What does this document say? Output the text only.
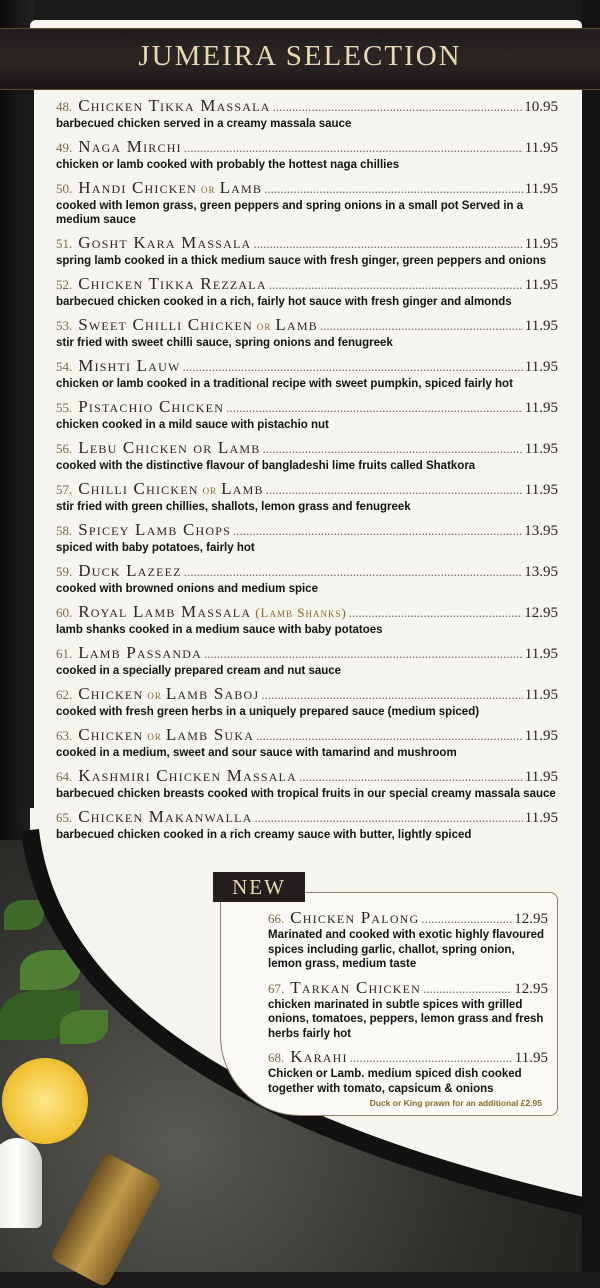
JUMEIRA SELECTION
48. Chicken Tikka Massala .....	10.95
barbecued chicken served in a creamy massala sauce
49. Naga Mirchi .....	11.95
chicken or lamb cooked with probably the hottest naga chillies
50. Handi Chicken or Lamb .....	11.95
cooked with lemon grass, green peppers and spring onions in a small pot Served in a medium sauce
51. Gosht Kara Massala .....	11.95
spring lamb cooked in a thick medium sauce with fresh ginger, green peppers and onions
52. Chicken Tikka Rezzala .....	11.95
barbecued chicken cooked in a rich, fairly hot sauce with fresh ginger and almonds
53. Sweet Chilli Chicken or Lamb .....	11.95
stir fried with sweet chilli sauce, spring onions and fenugreek
54. Mishti Lauw .....	11.95
chicken or lamb cooked in a traditional recipe with sweet pumpkin, spiced fairly hot
55. Pistachio Chicken .....	11.95
chicken cooked in a mild sauce with pistachio nut
56. Lebu Chicken or Lamb .....	11.95
cooked with the distinctive flavour of bangladeshi lime fruits called Shatkora
57. Chilli Chicken or Lamb .....	11.95
stir fried with green chillies, shallots, lemon grass and fenugreek
58. Spicey Lamb Chops .....	13.95
spiced with baby potatoes, fairly hot
59. Duck Lazeez .....	13.95
cooked with browned onions and medium spice
60. Royal Lamb Massala (Lamb Shanks) .....	12.95
lamb shanks cooked in a medium sauce with baby potatoes
61. Lamb Passanda .....	11.95
cooked in a specially prepared cream and nut sauce
62. Chicken or Lamb Saboj .....	11.95
cooked with fresh green herbs in a uniquely prepared sauce (medium spiced)
63. Chicken or Lamb Suka .....	11.95
cooked in a medium, sweet and sour sauce with tamarind and mushroom
64. Kashmiri Chicken Massala .....	11.95
barbecued chicken breasts cooked with tropical fruits in our special creamy massala sauce
65. Chicken Makanwalla .....	11.95
barbecued chicken cooked in a rich creamy sauce with butter, lightly spiced
NEW
66. Chicken Palong .....	12.95
Marinated and cooked with exotic highly flavoured spices including garlic, challot, spring onion, lemon grass, medium taste
67. Tarkan Chicken .....	12.95
chicken marinated in subtle spices with grilled onions, tomatoes, peppers, lemon grass and fresh herbs fairly hot
68. Karahi .....	11.95
Chicken or Lamb. medium spiced dish cooked together with tomato, capsicum & onions
Duck or King prawn for an additional £2.95
